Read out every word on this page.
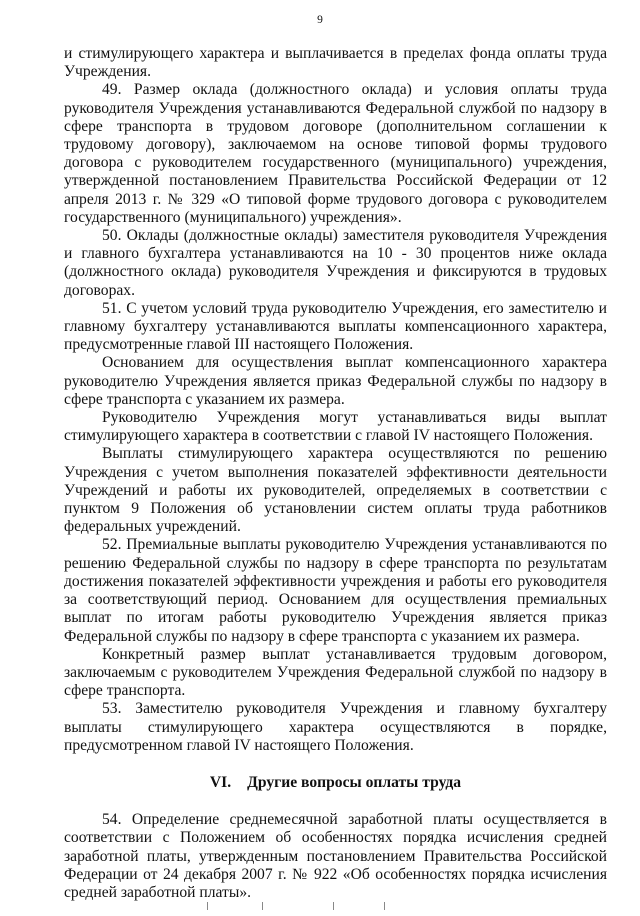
9

и стимулирующего характера и выплачивается в пределах фонда оплаты труда Учреждения.

49. Размер оклада (должностного оклада) и условия оплаты труда руководителя Учреждения устанавливаются Федеральной службой по надзору в сфере транспорта в трудовом договоре (дополнительном соглашении к трудовому договору), заключаемом на основе типовой формы трудового договора с руководителем государственного (муниципального) учреждения, утвержденной постановлением Правительства Российской Федерации от 12 апреля 2013 г. № 329 «О типовой форме трудового договора с руководителем государственного (муниципального) учреждения».

50. Оклады (должностные оклады) заместителя руководителя Учреждения и главного бухгалтера устанавливаются на 10 - 30 процентов ниже оклада (должностного оклада) руководителя Учреждения и фиксируются в трудовых договорах.

51. С учетом условий труда руководителю Учреждения, его заместителю и главному бухгалтеру устанавливаются выплаты компенсационного характера, предусмотренные главой III настоящего Положения.

Основанием для осуществления выплат компенсационного характера руководителю Учреждения является приказ Федеральной службы по надзору в сфере транспорта с указанием их размера.

Руководителю Учреждения могут устанавливаться виды выплат стимулирующего характера в соответствии с главой IV настоящего Положения.

Выплаты стимулирующего характера осуществляются по решению Учреждения с учетом выполнения показателей эффективности деятельности Учреждений и работы их руководителей, определяемых в соответствии с пунктом 9 Положения об установлении систем оплаты труда работников федеральных учреждений.

52. Премиальные выплаты руководителю Учреждения устанавливаются по решению Федеральной службы по надзору в сфере транспорта по результатам достижения показателей эффективности учреждения и работы его руководителя за соответствующий период. Основанием для осуществления премиальных выплат по итогам работы руководителю Учреждения является приказ Федеральной службы по надзору в сфере транспорта с указанием их размера.

Конкретный размер выплат устанавливается трудовым договором, заключаемым с руководителем Учреждения Федеральной службой по надзору в сфере транспорта.

53. Заместителю руководителя Учреждения и главному бухгалтеру выплаты стимулирующего характера осуществляются в порядке, предусмотренном главой IV настоящего Положения.

VI. Другие вопросы оплаты труда

54. Определение среднемесячной заработной платы осуществляется в соответствии с Положением об особенностях порядка исчисления средней заработной платы, утвержденным постановлением Правительства Российской Федерации от 24 декабря 2007 г. № 922 «Об особенностях порядка исчисления средней заработной платы».
